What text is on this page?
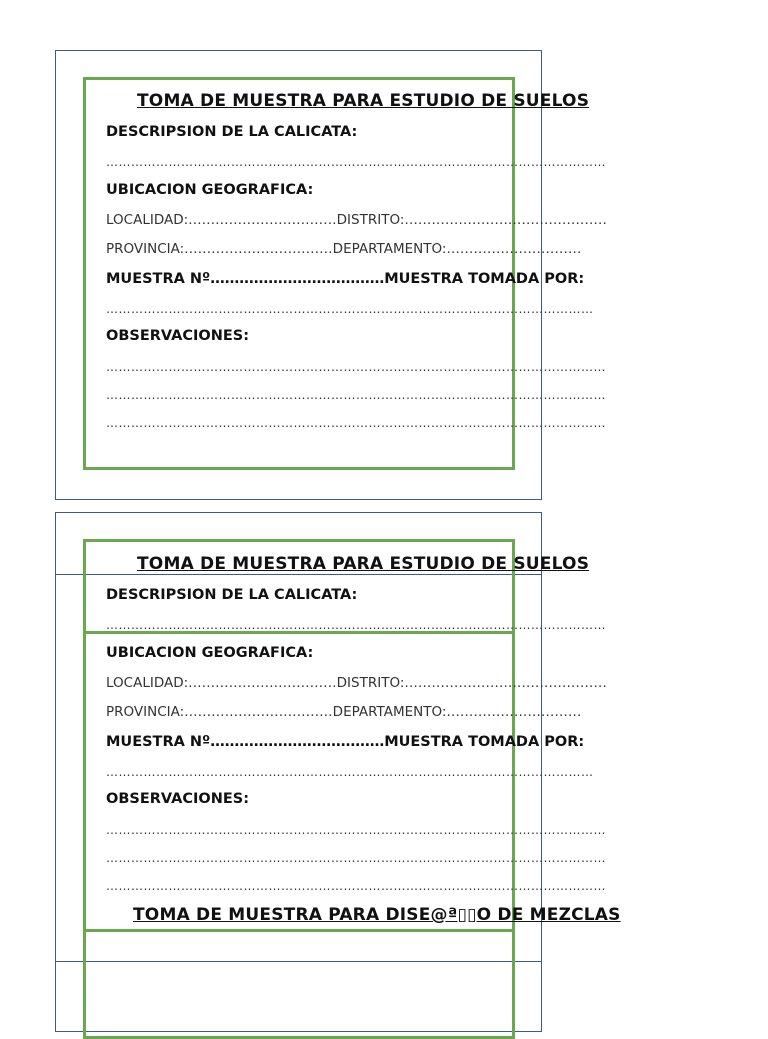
TOMA DE MUESTRA PARA ESTUDIO DE SUELOS
DESCRIPSION DE LA CALICATA:
…………………………………………………………………………………………………………
UBICACION GEOGRAFICA:
LOCALIDAD:……………………………DISTRITO:………………………………………
PROVINCIA:……………………………DEPARTAMENTO:…………………………
MUESTRA Nº………………………………MUESTRA TOMADA POR:
………………………………………………………………………………………………………
OBSERVACIONES:
…………………………………………………………………………………………………………
…………………………………………………………………………………………………………
…………………………………………………………………………………………………………
TOMA DE MUESTRA PARA ESTUDIO DE SUELOS
DESCRIPSION DE LA CALICATA:
…………………………………………………………………………………………………………
UBICACION GEOGRAFICA:
LOCALIDAD:……………………………DISTRITO:………………………………………
PROVINCIA:……………………………DEPARTAMENTO:…………………………
MUESTRA Nº………………………………MUESTRA TOMADA POR:
………………………………………………………………………………………………………
OBSERVACIONES:
…………………………………………………………………………………………………………
…………………………………………………………………………………………………………
…………………………………………………………………………………………………………
TOMA DE MUESTRA PARA DISE@ª▯▯O DE MEZCLAS
